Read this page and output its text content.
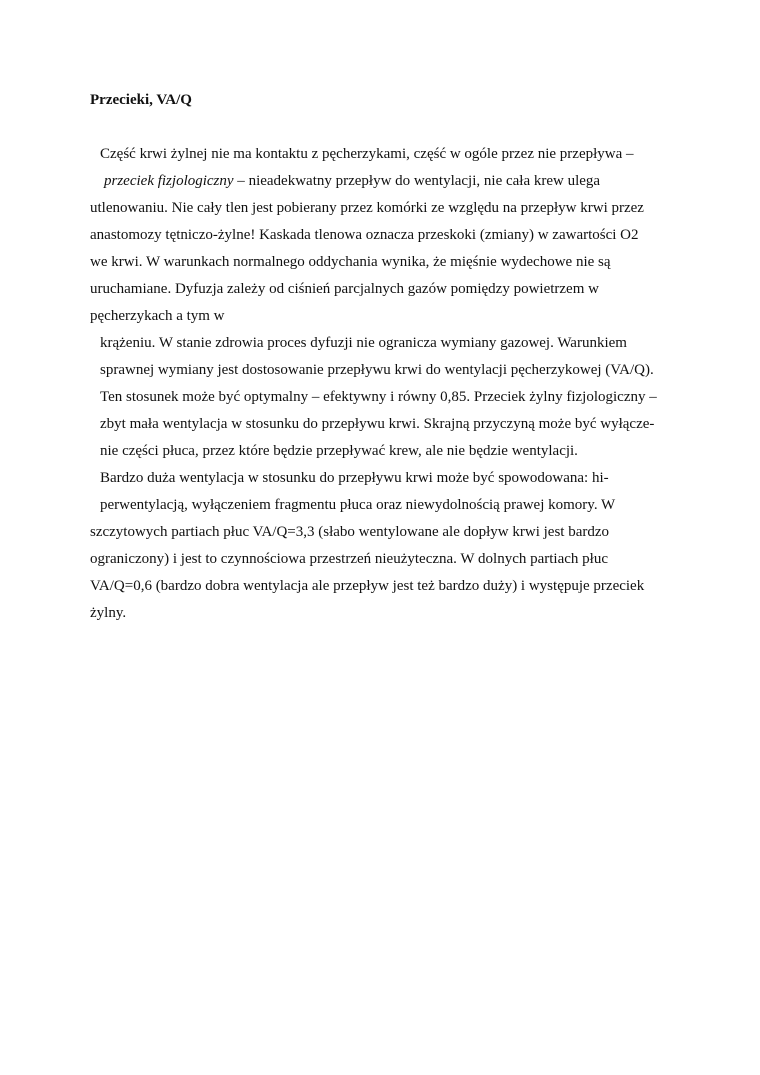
Przecieki, VA/Q
Część krwi żylnej nie ma kontaktu z pęcherzykami, część w ogóle przez nie przepływa –
przeciek fizjologiczny – nieadekwatny przepływ do wentylacji, nie cała krew ulega
utlenowaniu. Nie cały tlen jest pobierany przez komórki ze względu na przepływ krwi przez
anastomozy tętniczo-żylne! Kaskada tlenowa oznacza przeskoki (zmiany) w zawartości O2
we krwi. W warunkach normalnego oddychania wynika, że mięśnie wydechowe nie są
uruchamiane. Dyfuzja zależy od ciśnień parcjalnych gazów pomiędzy powietrzem w
pęcherzykach a tym w
krążeniu. W stanie zdrowia proces dyfuzji nie ogranicza wymiany gazowej. Warunkiem
sprawnej wymiany jest dostosowanie przepływu krwi do wentylacji pęcherzykowej (VA/Q).
Ten stosunek może być optymalny – efektywny i równy 0,85. Przeciek żylny fizjologiczny –
zbyt mała wentylacja w stosunku do przepływu krwi. Skrajną przyczyną może być wyłącze-
nie części płuca, przez które będzie przepływać krew, ale nie będzie wentylacji.
Bardzo duża wentylacja w stosunku do przepływu krwi może być spowodowana: hi-
perwentylacją, wyłączeniem fragmentu płuca oraz niewydolnością prawej komory. W
szczytowych partiach płuc VA/Q=3,3 (słabo wentylowane ale dopływ krwi jest bardzo
ograniczony) i jest to czynnościowa przestrzeń nieużyteczna. W dolnych partiach płuc
VA/Q=0,6 (bardzo dobra wentylacja ale przepływ jest też bardzo duży) i występuje przeciek
żylny.
